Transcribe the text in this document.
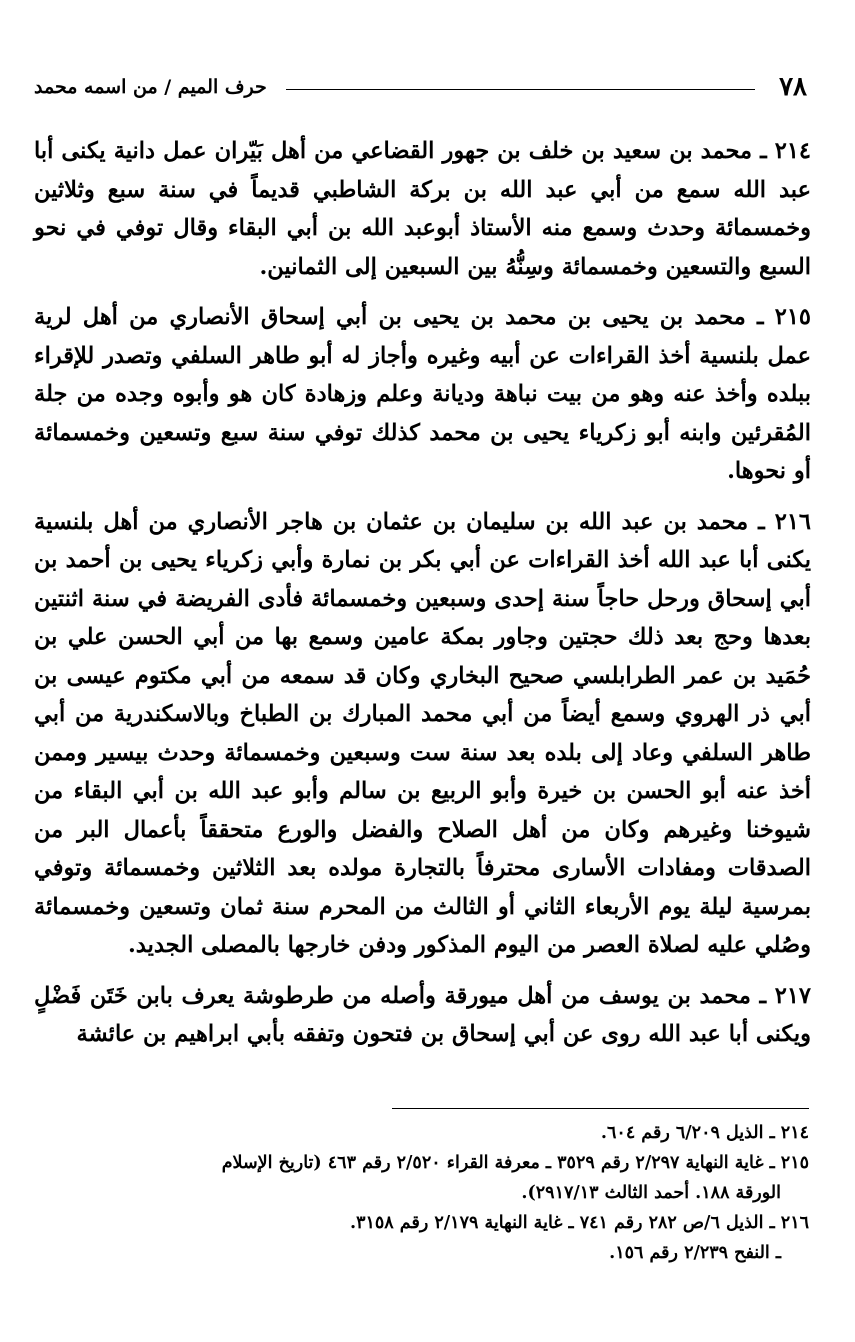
٧٨
حرف الميم / من اسمه محمد

٢١٤ ـ محمد بن سعيد بن خلف بن جهور القضاعي من أهل بَيّران عمل دانية يكنى أبا عبد الله سمع من أبي عبد الله بن بركة الشاطبي قديماً في سنة سبع وثلاثين وخمسمائة وحدث وسمع منه الأستاذ أبوعبد الله بن أبي البقاء وقال توفي في نحو السبع والتسعين وخمسمائة وسِنُّهُ بين السبعين إلى الثمانين.

٢١٥ ـ محمد بن يحيى بن محمد بن يحيى بن أبي إسحاق الأنصاري من أهل لرية عمل بلنسية أخذ القراءات عن أبيه وغيره وأجاز له أبو طاهر السلفي وتصدر للإقراء ببلده وأخذ عنه وهو من بيت نباهة وديانة وعلم وزهادة كان هو وأبوه وجده من جلة المُقرئين وابنه أبو زكرياء يحيى بن محمد كذلك توفي سنة سبع وتسعين وخمسمائة أو نحوها.

٢١٦ ـ محمد بن عبد الله بن سليمان بن عثمان بن هاجر الأنصاري من أهل بلنسية يكنى أبا عبد الله أخذ القراءات عن أبي بكر بن نمارة وأبي زكرياء يحيى بن أحمد بن أبي إسحاق ورحل حاجاً سنة إحدى وسبعين وخمسمائة فأدى الفريضة في سنة اثنتين بعدها وحج بعد ذلك حجتين وجاور بمكة عامين وسمع بها من أبي الحسن علي بن حُمَيد بن عمر الطرابلسي صحيح البخاري وكان قد سمعه من أبي مكتوم عيسى بن أبي ذر الهروي وسمع أيضاً من أبي محمد المبارك بن الطباخ وبالاسكندرية من أبي طاهر السلفي وعاد إلى بلده بعد سنة ست وسبعين وخمسمائة وحدث بيسير وممن أخذ عنه أبو الحسن بن خيرة وأبو الربيع بن سالم وأبو عبد الله بن أبي البقاء من شيوخنا وغيرهم وكان من أهل الصلاح والفضل والورع متحققاً بأعمال البر من الصدقات ومفادات الأسارى محترفاً بالتجارة مولده بعد الثلاثين وخمسمائة وتوفي بمرسية ليلة يوم الأربعاء الثاني أو الثالث من المحرم سنة ثمان وتسعين وخمسمائة وصُلي عليه لصلاة العصر من اليوم المذكور ودفن خارجها بالمصلى الجديد.

٢١٧ ـ محمد بن يوسف من أهل ميورقة وأصله من طرطوشة يعرف بابن خَتَن فَضْلٍ ويكنى أبا عبد الله روى عن أبي إسحاق بن فتحون وتفقه بأبي ابراهيم بن عائشة

٢١٤ ـ الذيل ٦/٢٠٩ رقم ٦٠٤.

٢١٥ ـ غاية النهاية ٢/٢٩٧ رقم ٣٥٢٩ ـ معرفة القراء ٢/٥٢٠ رقم ٤٦٣ (تاريخ الإسلام
الورقة ١٨٨. أحمد الثالث ٢٩١٧/١٣).

٢١٦ ـ الذيل ٦/ص ٢٨٢ رقم ٧٤١ ـ غاية النهاية ٢/١٧٩ رقم ٣١٥٨.
ـ النفح ٢/٢٣٩ رقم ١٥٦.
